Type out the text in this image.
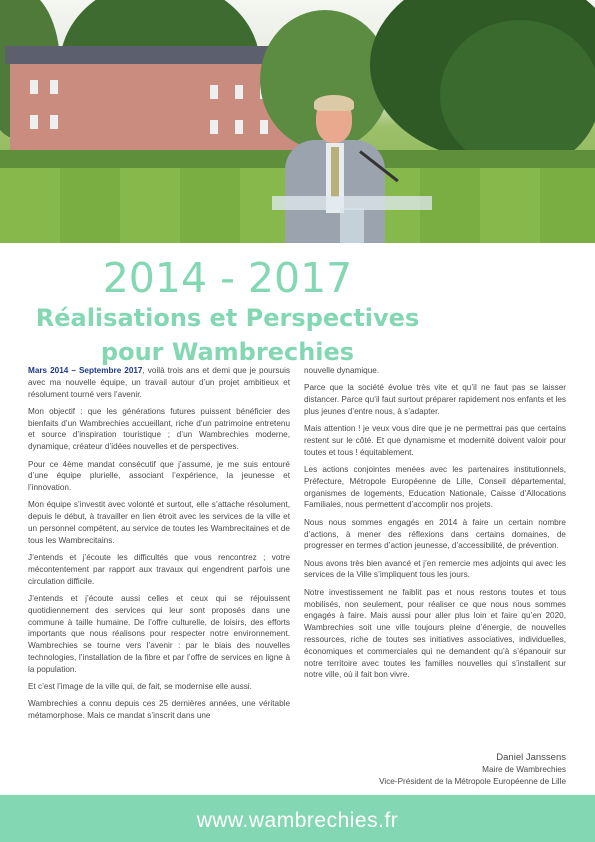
2014 - 2017
Réalisations et Perspectives
pour Wambrechies

Mars 2014 – Septembre 2017, voilà trois ans et demi que je poursuis avec ma nouvelle équipe, un travail autour d’un projet ambitieux et résolument tourné vers l’avenir.

Mon objectif : que les générations futures puissent bénéficier des bienfaits d’un Wambrechies accueillant, riche d’un patrimoine entretenu et source d’inspiration touristique ; d’un Wambrechies moderne, dynamique, créateur d’idées nouvelles et de perspectives.

Pour ce 4ème mandat consécutif que j’assume, je me suis entouré d’une équipe plurielle, associant l’expérience, la jeunesse et l’innovation.

Mon équipe s’investit avec volonté et surtout, elle s’attache résolument, depuis le début, à travailler en lien étroit avec les services de la ville et un personnel compétent, au service de toutes les Wambrecitaines et de tous les Wambrecitains.

J’entends et j’écoute les difficultés que vous rencontrez ; votre mécontentement par rapport aux travaux qui engendrent parfois une circulation difficile.

J’entends et j’écoute aussi celles et ceux qui se réjouissent quotidiennement des services qui leur sont proposés dans une commune à taille humaine. De l’offre culturelle, de loisirs, des efforts importants que nous réalisons pour respecter notre environnement. Wambrechies se tourne vers l’avenir : par le biais des nouvelles technologies, l’installation de la fibre et par l’offre de services en ligne à la population.

Et c’est l’image de la ville qui, de fait, se modernise elle aussi.

Wambrechies a connu depuis ces 25 dernières années, une véritable métamorphose. Mais ce mandat s’inscrit dans une

nouvelle dynamique.

Parce que la société évolue très vite et qu’il ne faut pas se laisser distancer. Parce qu’il faut surtout préparer rapidement nos enfants et les plus jeunes d’entre nous, à s’adapter.

Mais attention ! je veux vous dire que je ne permettrai pas que certains restent sur le côté. Et que dynamisme et modernité doivent valoir pour toutes et tous ! équitablement.

Les actions conjointes menées avec les partenaires institutionnels, Préfecture, Métropole Européenne de Lille, Conseil départemental, organismes de logements, Education Nationale, Caisse d’Allocations Familiales, nous permettent d’accomplir nos projets.

Nous nous sommes engagés en 2014 à faire un certain nombre d’actions, à mener des réflexions dans certains domaines, de progresser en termes d’action jeunesse, d’accessibilité, de prévention.

Nous avons très bien avancé et j’en remercie mes adjoints qui avec les services de la Ville s’impliquent tous les jours.

Notre investissement ne faiblit pas et nous restons toutes et tous mobilisés, non seulement, pour réaliser ce que nous nous sommes engagés à faire. Mais aussi pour aller plus loin et faire qu’en 2020, Wambrechies soit une ville toujours pleine d’énergie, de nouvelles ressources, riche de toutes ses initiatives associatives, individuelles, économiques et commerciales qui ne demandent qu’à s’épanouir sur notre territoire avec toutes les familles nouvelles qui s’installent sur notre ville, où il fait bon vivre.

Daniel Janssens
Maire de Wambrechies
Vice-Président de la Métropole Européenne de Lille
www.wambrechies.fr
